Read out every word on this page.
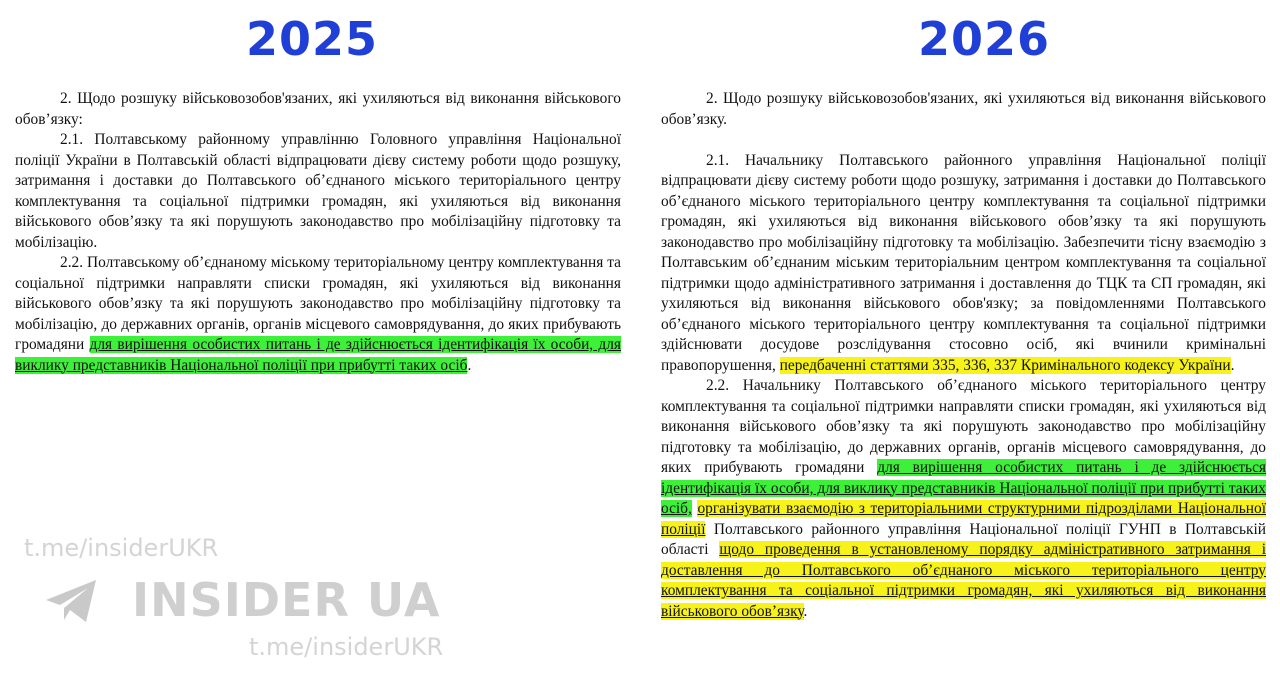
2025	2026

2. Щодо розшуку військовозобов'язаних, які ухиляються від виконання військового обов’язку:

2.1. Полтавському районному управлінню Головного управління Національної поліції України в Полтавській області відпрацювати дієву систему роботи щодо розшуку, затримання і доставки до Полтавського об’єднаного міського територіального центру комплектування та соціальної підтримки громадян, які ухиляються від виконання військового обов’язку та які порушують законодавство про мобілізаційну підготовку та мобілізацію.

2.2. Полтавському об’єднаному міському територіальному центру комплектування та соціальної підтримки направляти списки громадян, які ухиляються від виконання військового обов’язку та які порушують законодавство про мобілізаційну підготовку та мобілізацію, до державних органів, органів місцевого самоврядування, до яких прибувають громадяни для вирішення особистих питань і де здійснюється ідентифікація їх особи, для виклику представників Національної поліції при прибутті таких осіб.

2. Щодо розшуку військовозобов'язаних, які ухиляються від виконання військового обов’язку.

2.1. Начальнику Полтавського районного управління Національної поліції відпрацювати дієву систему роботи щодо розшуку, затримання і доставки до Полтавського об’єднаного міського територіального центру комплектування та соціальної підтримки громадян, які ухиляються від виконання військового обов’язку та які порушують законодавство про мобілізаційну підготовку та мобілізацію. Забезпечити тісну взаємодію з Полтавським об’єднаним міським територіальним центром комплектування та соціальної підтримки щодо адміністративного затримання і доставлення до ТЦК та СП громадян, які ухиляються від виконання військового обов'язку; за повідомленнями Полтавського об’єднаного міського територіального центру комплектування та соціальної підтримки здійснювати досудове розслідування стосовно осіб, які вчинили кримінальні правопорушення, передбаченні статтями 335, 336, 337 Кримінального кодексу України.

2.2. Начальнику Полтавського об’єднаного міського територіального центру комплектування та соціальної підтримки направляти списки громадян, які ухиляються від виконання військового обов’язку та які порушують законодавство про мобілізаційну підготовку та мобілізацію, до державних органів, органів місцевого самоврядування, до яких прибувають громадяни для вирішення особистих питань і де здійснюється ідентифікація їх особи, для виклику представників Національної поліції при прибутті таких осіб, організувати взаємодію з територіальними структурними підрозділами Національної поліції Полтавського районного управління Національної поліції ГУНП в Полтавській області щодо проведення в установленому порядку адміністративного затримання і доставлення до Полтавського об’єднаного міського територіального центру комплектування та соціальної підтримки громадян, які ухиляються від виконання військового обов’язку.

t.me/insiderUKR
INSIDER UA
t.me/insiderUKR
